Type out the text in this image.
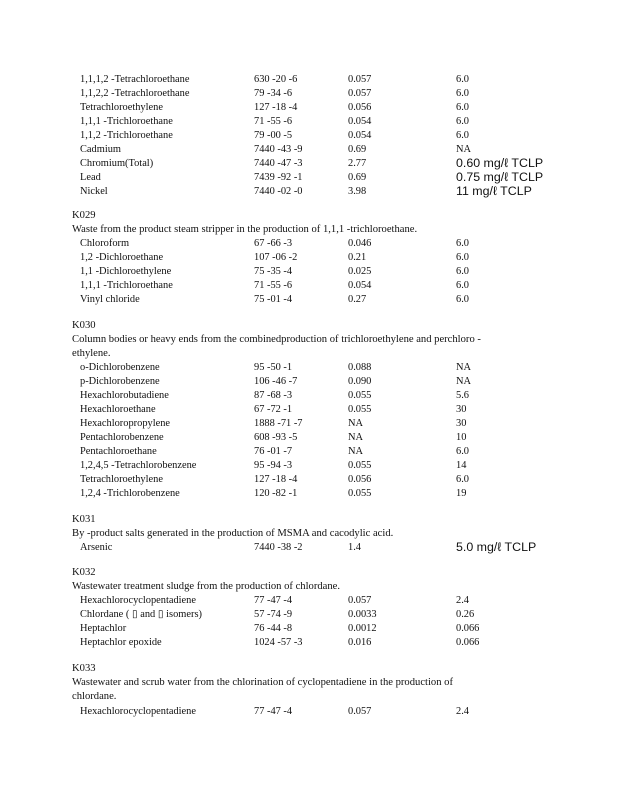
1,1,1,2 -Tetrachloroethane	630 -20 -6	0.057	6.0
1,1,2,2 -Tetrachloroethane	79 -34 -6	0.057	6.0
Tetrachloroethylene	127 -18 -4	0.056	6.0
1,1,1 -Trichloroethane	71 -55 -6	0.054	6.0
1,1,2 -Trichloroethane	79 -00 -5	0.054	6.0
Cadmium	7440 -43 -9	0.69	NA
Chromium(Total)	7440 -47 -3	2.77	0.60 mg/ℓ TCLP
Lead	7439 -92 -1	0.69	0.75 mg/ℓ TCLP
Nickel	7440 -02 -0	3.98	11 mg/ℓ TCLP
K029
Waste from the product steam stripper in the production of 1,1,1 -trichloroethane.
Chloroform	67 -66 -3	0.046	6.0
1,2 -Dichloroethane	107 -06 -2	0.21	6.0
1,1 -Dichloroethylene	75 -35 -4	0.025	6.0
1,1,1 -Trichloroethane	71 -55 -6	0.054	6.0
Vinyl chloride	75 -01 -4	0.27	6.0
K030
Column bodies or heavy ends from the combinedproduction of trichloroethylene and perchloro -
ethylene.
o-Dichlorobenzene	95 -50 -1	0.088	NA
p-Dichlorobenzene	106 -46 -7	0.090	NA
Hexachlorobutadiene	87 -68 -3	0.055	5.6
Hexachloroethane	67 -72 -1	0.055	30
Hexachloropropylene	1888 -71 -7	NA	30
Pentachlorobenzene	608 -93 -5	NA	10
Pentachloroethane	76 -01 -7	NA	6.0
1,2,4,5 -Tetrachlorobenzene	95 -94 -3	0.055	14
Tetrachloroethylene	127 -18 -4	0.056	6.0
1,2,4 -Trichlorobenzene	120 -82 -1	0.055	19
K031
By -product salts generated in the production of MSMA and cacodylic acid.
Arsenic	7440 -38 -2	1.4	5.0 mg/ℓ TCLP
K032
Wastewater treatment sludge from the production of chlordane.
Hexachlorocyclopentadiene	77 -47 -4	0.057	2.4
Chlordane ( ▯ and ▯ isomers)	57 -74 -9	0.0033	0.26
Heptachlor	76 -44 -8	0.0012	0.066
Heptachlor epoxide	1024 -57 -3	0.016	0.066
K033
Wastewater and scrub water from the chlorination of cyclopentadiene in the production of
chlordane.
Hexachlorocyclopentadiene	77 -47 -4	0.057	2.4
